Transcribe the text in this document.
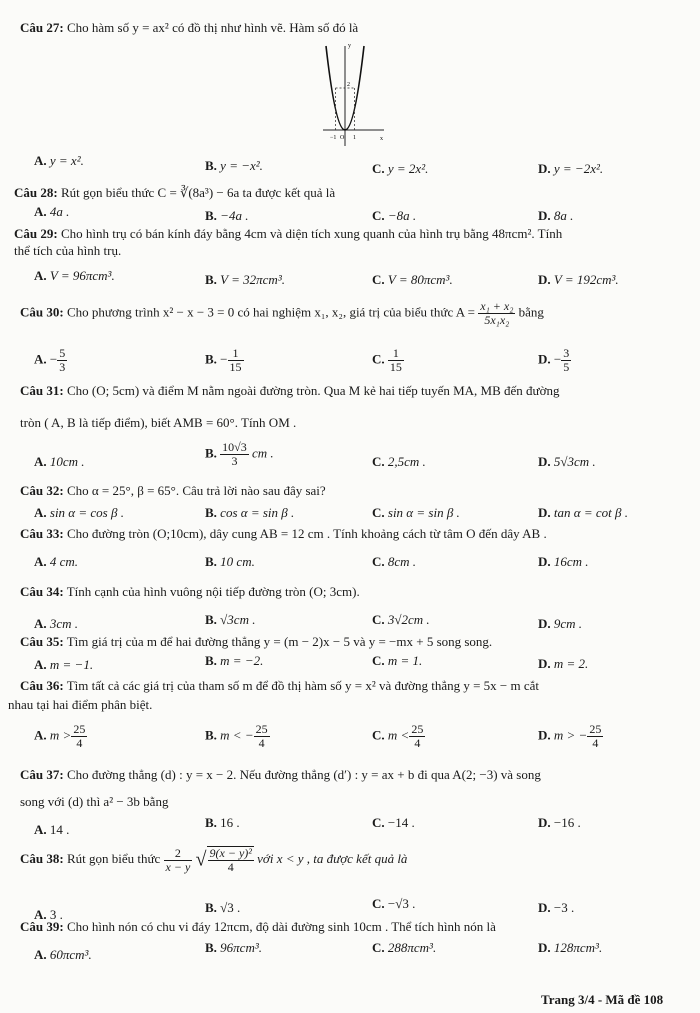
Câu 27: Cho hàm số y = ax² có đồ thị như hình vẽ. Hàm số đó là
y
x
2
−1 O 1
A. y = x².	B. y = −x².	C. y = 2x².	D. y = −2x².
Câu 28: Rút gọn biểu thức C = ∛(8a³) − 6a ta được kết quả là
A. 4a .	B. −4a .	C. −8a .	D. 8a .
Câu 29: Cho hình trụ có bán kính đáy bằng 4cm và diện tích xung quanh của hình trụ bằng 48πcm². Tính
thể tích của hình trụ.
A. V = 96πcm³.	B. V = 32πcm³.	C. V = 80πcm³.	D. V = 192cm³.
Câu 30: Cho phương trình x² − x − 3 = 0 có hai nghiệm x₁, x₂, giá trị của biểu thức $A = \frac{\text{x₁ + x₂}}{\text{5x₁x₂}}$ bằng
A. − $\frac{5}{3}$	B. − $\frac{1}{15}$	C. $\frac{1}{15}$	D. − $\frac{3}{5}$
Câu 31: Cho (O; 5cm) và điểm M nằm ngoài đường tròn. Qua M kẻ hai tiếp tuyến MA, MB đến đường
tròn ( A, B là tiếp điểm), biết AMB = 60°. Tính OM .
A. 10cm .
B. $\frac{10√3}{3}$ cm .
C. 2,5cm .	D. 5√3cm .
Câu 32: Cho α = 25°, β = 65°. Câu trả lời nào sau đây sai?
A. sin α = cos β .	B. cos α = sin β .	C. sin α = sin β .	D. tan α = cot β .
Câu 33: Cho đường tròn (O;10cm), dây cung AB = 12 cm . Tính khoảng cách từ tâm O đến dây AB .
A. 4 cm.	B. 10 cm.	C. 8cm .	D. 16cm .
Câu 34: Tính cạnh của hình vuông nội tiếp đường tròn (O; 3cm).
A. 3cm .	B. √3cm .	C. 3√2cm .	D. 9cm .
Câu 35: Tìm giá trị của m để hai đường thẳng y = (m − 2)x − 5 và y = −mx + 5 song song.
A. m = −1.	B. m = −2.	C. m = 1.	D. m = 2.
Câu 36: Tìm tất cả các giá trị của tham số m để đồ thị hàm số y = x² và đường thẳng y = 5x − m cắt
nhau tại hai điểm phân biệt.
A. $m > \frac{25}{4}$	B. m < − $\frac{25}{4}$	C. $m < \frac{25}{4}$	D. m > − $\frac{25}{4}$
Câu 37: Cho đường thẳng (d) : y = x − 2. Nếu đường thẳng (d′) : y = ax + b đi qua A(2; −3) và song
song với (d) thì a² − 3b bằng
A. 14 .	B. 16 .	C. −14 .	D. −16 .
Câu 38: Rút gọn biểu thức $\frac{2}{x - y}$ √ $\frac{\text{9(x − y)²}}{4}$ với x < y , ta được kết quả là
A. 3 .	B. √3 .	C. −√3 .	D. −3 .
Câu 39: Cho hình nón có chu vi đáy 12πcm, độ dài đường sinh 10cm . Thể tích hình nón là
A. 60πcm³.	B. 96πcm³.	C. 288πcm³.	D. 128πcm³.
Trang 3/4 - Mã đề 108
